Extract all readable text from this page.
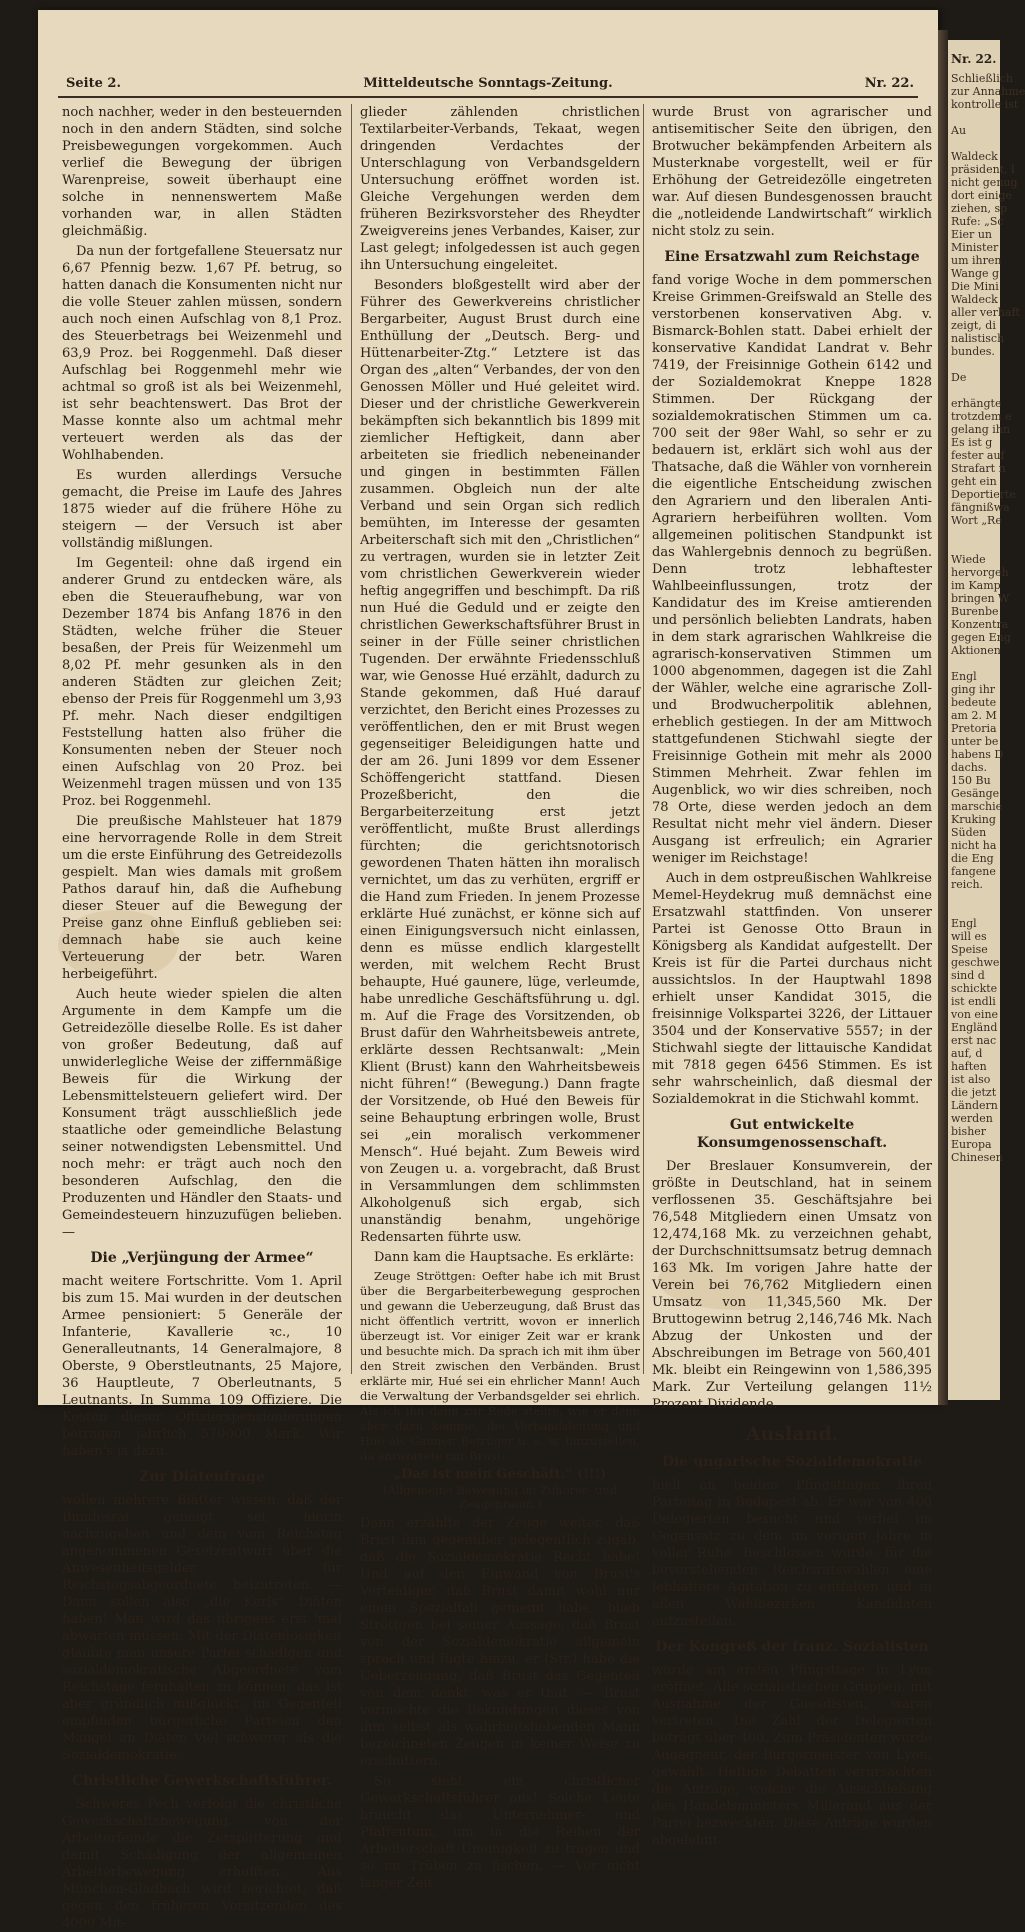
Nr. 22.
Schließlich
zur Annahme
kontrolle ist

Au

Waldeck
präsident, l
nicht genug
dort einige
ziehen, sp
Rufe: „Sc
Eier un
Minister
um ihren
Wange g
Die Mini
Waldeck
aller verhaft
zeigt, di
nalistisch
bundes.

De

erhängte
trotzdem e
gelang ihn
Es ist g
fester auf
Strafart n
geht ein
Deportierte
fängnißwa
Wort „Re

Wiede
hervorgeh
im Kamp
bringen W
Burenbe
Konzentra
gegen Eng
Aktionen

Engl
ging ihr
bedeute
am 2. M
Pretoria
unter be
habens D
dachs.
150 Bu
Gesänge
marschie
Kruking
Süden
nicht ha
die Eng
fangene
reich.

Engl
will es
Speise
geschwe
sind d
schickte
ist endli
von eine
Engländ
erst nac
auf, d
haften
ist also
die jetzt
Ländern
werden
bisher
Europa
Chinesen
Seite 2.	Mitteldeutsche Sonntags-Zeitung.	Nr. 22.

noch nachher, weder in den besteuernden noch in den andern Städten, sind solche Preisbewegungen vorgekommen. Auch verlief die Bewegung der übrigen Warenpreise, soweit überhaupt eine solche in nennenswertem Maße vorhanden war, in allen Städten gleichmäßig.

Da nun der fortgefallene Steuersatz nur 6,67 Pfennig bezw. 1,67 Pf. betrug, so hatten danach die Konsumenten nicht nur die volle Steuer zahlen müssen, sondern auch noch einen Aufschlag von 8,1 Proz. des Steuerbetrags bei Weizenmehl und 63,9 Proz. bei Roggenmehl. Daß dieser Aufschlag bei Roggenmehl mehr wie achtmal so groß ist als bei Weizenmehl, ist sehr beachtenswert. Das Brot der Masse konnte also um achtmal mehr verteuert werden als das der Wohlhabenden.

Es wurden allerdings Versuche gemacht, die Preise im Laufe des Jahres 1875 wieder auf die frühere Höhe zu steigern — der Versuch ist aber vollständig mißlungen.

Im Gegenteil: ohne daß irgend ein anderer Grund zu entdecken wäre, als eben die Steueraufhebung, war von Dezember 1874 bis Anfang 1876 in den Städten, welche früher die Steuer besaßen, der Preis für Weizenmehl um 8,02 Pf. mehr gesunken als in den anderen Städten zur gleichen Zeit; ebenso der Preis für Roggenmehl um 3,93 Pf. mehr. Nach dieser endgiltigen Feststellung hatten also früher die Konsumenten neben der Steuer noch einen Aufschlag von 20 Proz. bei Weizenmehl tragen müssen und von 135 Proz. bei Roggenmehl.

Die preußische Mahlsteuer hat 1879 eine hervorragende Rolle in dem Streit um die erste Einführung des Getreidezolls gespielt. Man wies damals mit großem Pathos darauf hin, daß die Aufhebung dieser Steuer auf die Bewegung der Preise ganz ohne Einfluß geblieben sei: demnach habe sie auch keine Verteuerung der betr. Waren herbeigeführt.

Auch heute wieder spielen die alten Argumente in dem Kampfe um die Getreidezölle dieselbe Rolle. Es ist daher von großer Bedeutung, daß auf unwiderlegliche Weise der ziffernmäßige Beweis für die Wirkung der Lebensmittelsteuern geliefert wird. Der Konsument trägt ausschließlich jede staatliche oder gemeindliche Belastung seiner notwendigsten Lebensmittel. Und noch mehr: er trägt auch noch den besonderen Aufschlag, den die Produzenten und Händler den Staats- und Gemeindesteuern hinzuzufügen belieben. —

Die „Verjüngung der Armee“

macht weitere Fortschritte. Vom 1. April bis zum 15. Mai wurden in der deutschen Armee pensioniert: 5 Generäle der Infanterie, Kavallerie ꝛc., 10 Generalleutnants, 14 Generalmajore, 8 Oberste, 9 Oberstleutnants, 25 Majore, 36 Hauptleute, 7 Oberleutnants, 5 Leutnants. In Summa 109 Offiziere. Die Kosten dieser Offizierspensionierungen betragen jährlich 570000 Mark. Wir haben's ja dazu.

Zur Diätenfrage

wollen mehrere Blätter wissen, daß der Bundesrat geneigt sei, hierin nachzugeben und dem vom Reichstag angenommenen Gesetzentwurf über die Anwesenheitsgelder für Reichstagsabgeordnete beizutreten. — Dann sollen also „die Kerls“ Diäten haben! Man wird das übrigens erst 'mal abwarten müssen. Mit der Diätenlosigkeit glaubte man unsere Partei schädigen und sozialdemokratische Abgeordnete vom Reichstage fernhalten zu können; das ist aber gründlich mißglückt. Im Gegenteil empfinden bürgerliche Parteien den Mangel an Diäten viel schwerer als die Sozialdemokratie.

Christliche Gewerkschaftsführer.

Schweres Pech verfolgt die christliche Gewerkschaftsbewegung, von der Arbeiterfeinde die Zersplitterung und damit Schädigung der allgemeinen Arbeiterbewegung erhofften. Aus München-Gladbach wird berichtet, daß gegen den früheren Vorsitzenden des 4000 Mit-

glieder zählenden christlichen Textilarbeiter-Verbands, Tekaat, wegen dringenden Verdachtes der Unterschlagung von Verbandsgeldern Untersuchung eröffnet worden ist. Gleiche Vergehungen werden dem früheren Bezirksvorsteher des Rheydter Zweigvereins jenes Verbandes, Kaiser, zur Last gelegt; infolgedessen ist auch gegen ihn Untersuchung eingeleitet.

Besonders bloßgestellt wird aber der Führer des Gewerkvereins christlicher Bergarbeiter, August Brust durch eine Enthüllung der „Deutsch. Berg- und Hüttenarbeiter-Ztg.“ Letztere ist das Organ des „alten“ Verbandes, der von den Genossen Möller und Hué geleitet wird. Dieser und der christliche Gewerkverein bekämpften sich bekanntlich bis 1899 mit ziemlicher Heftigkeit, dann aber arbeiteten sie friedlich nebeneinander und gingen in bestimmten Fällen zusammen. Obgleich nun der alte Verband und sein Organ sich redlich bemühten, im Interesse der gesamten Arbeiterschaft sich mit den „Christlichen“ zu vertragen, wurden sie in letzter Zeit vom christlichen Gewerkverein wieder heftig angegriffen und beschimpft. Da riß nun Hué die Geduld und er zeigte den christlichen Gewerkschaftsführer Brust in seiner in der Fülle seiner christlichen Tugenden. Der erwähnte Friedensschluß war, wie Genosse Hué erzählt, dadurch zu Stande gekommen, daß Hué darauf verzichtet, den Bericht eines Prozesses zu veröffentlichen, den er mit Brust wegen gegenseitiger Beleidigungen hatte und der am 26. Juni 1899 vor dem Essener Schöffengericht stattfand. Diesen Prozeßbericht, den die Bergarbeiterzeitung erst jetzt veröffentlicht, mußte Brust allerdings fürchten; die gerichtsnotorisch gewordenen Thaten hätten ihn moralisch vernichtet, um das zu verhüten, ergriff er die Hand zum Frieden. In jenem Prozesse erklärte Hué zunächst, er könne sich auf einen Einigungsversuch nicht einlassen, denn es müsse endlich klargestellt werden, mit welchem Recht Brust behaupte, Hué gaunere, lüge, verleumde, habe unredliche Geschäftsführung u. dgl. m. Auf die Frage des Vorsitzenden, ob Brust dafür den Wahrheitsbeweis antrete, erklärte dessen Rechtsanwalt: „Mein Klient (Brust) kann den Wahrheitsbeweis nicht führen!“ (Bewegung.) Dann fragte der Vorsitzende, ob Hué den Beweis für seine Behauptung erbringen wolle, Brust sei „ein moralisch verkommener Mensch“. Hué bejaht. Zum Beweis wird von Zeugen u. a. vorgebracht, daß Brust in Versammlungen dem schlimmsten Alkoholgenuß sich ergab, sich unanständig benahm, ungehörige Redensarten führte usw.

Dann kam die Hauptsache. Es erklärte:

Zeuge Ströttgen: Oefter habe ich mit Brust über die Bergarbeiterbewegung gesprochen und gewann die Ueberzeugung, daß Brust das nicht öffentlich vertritt, wovon er innerlich überzeugt ist. Vor einiger Zeit war er krank und besuchte mich. Da sprach ich mit ihm über den Streit zwischen den Verbänden. Brust erklärte mir, Hué sei ein ehrlicher Mann! Auch die Verwaltung der Verbandsgelder sei ehrlich. Als ich ihn dann zur Rede stellte, wie er denn aber dazu komme, die Verbandsleitung und Hué als Gauner, Betrüger u. s. w. hinzustellen, da antwortete mir Brust:

„Das ist mein Geschäft.“ (!!!)
(Allgemeine Bewegung im Zuhörer- und Zeugenraum.)

Dann erzählte der Zeuge weiter, daß Brust ihm gegenüber gelegentlich zugab, daß die Sozialdemokratie Recht habe! Und auf den Einwand von Brust's Verteidiger, daß Brust damit wohl nur einen Spezialfall gemeint habe, blieb Ströttgen bei seiner Aussage, daß Brust von der Sozialdemokratie allgemein sprach und fügte hinzu, er (Str.) habe die Ueberzeugung, daß Brust das Gegenteil von dem denkt, was er thut. — Brust vermochte die Bekundungen dieses von ihm selbst als wahrheitsliebenden Mann bezeichneten Zeugen in keiner Weise zu erschüttern.

So sieht ein christlicher Gewerkschaftsführer aus! Solche Leute braucht das Unternehmer- und Pfaffentum, um in die Reihen der Arbeiterschaft Uneinigkeit zu tragen und so im Trüben zu fischen. — Vor nicht langer Zeit

wurde Brust von agrarischer und antisemitischer Seite den übrigen, den Brotwucher bekämpfenden Arbeitern als Musterknabe vorgestellt, weil er für Erhöhung der Getreidezölle eingetreten war. Auf diesen Bundesgenossen braucht die „notleidende Landwirtschaft“ wirklich nicht stolz zu sein.

Eine Ersatzwahl zum Reichstage

fand vorige Woche in dem pommerschen Kreise Grimmen-Greifswald an Stelle des verstorbenen konservativen Abg. v. Bismarck-Bohlen statt. Dabei erhielt der konservative Kandidat Landrat v. Behr 7419, der Freisinnige Gothein 6142 und der Sozialdemokrat Kneppe 1828 Stimmen. Der Rückgang der sozialdemokratischen Stimmen um ca. 700 seit der 98er Wahl, so sehr er zu bedauern ist, erklärt sich wohl aus der Thatsache, daß die Wähler von vornherein die eigentliche Entscheidung zwischen den Agrariern und den liberalen Anti-Agrariern herbeiführen wollten. Vom allgemeinen politischen Standpunkt ist das Wahlergebnis dennoch zu begrüßen. Denn trotz lebhaftester Wahlbeeinflussungen, trotz der Kandidatur des im Kreise amtierenden und persönlich beliebten Landrats, haben in dem stark agrarischen Wahlkreise die agrarisch-konservativen Stimmen um 1000 abgenommen, dagegen ist die Zahl der Wähler, welche eine agrarische Zoll- und Brodwucherpolitik ablehnen, erheblich gestiegen. In der am Mittwoch stattgefundenen Stichwahl siegte der Freisinnige Gothein mit mehr als 2000 Stimmen Mehrheit. Zwar fehlen im Augenblick, wo wir dies schreiben, noch 78 Orte, diese werden jedoch an dem Resultat nicht mehr viel ändern. Dieser Ausgang ist erfreulich; ein Agrarier weniger im Reichstage!

Auch in dem ostpreußischen Wahlkreise Memel-Heydekrug muß demnächst eine Ersatzwahl stattfinden. Von unserer Partei ist Genosse Otto Braun in Königsberg als Kandidat aufgestellt. Der Kreis ist für die Partei durchaus nicht aussichtslos. In der Hauptwahl 1898 erhielt unser Kandidat 3015, die freisinnige Volkspartei 3226, der Littauer 3504 und der Konservative 5557; in der Stichwahl siegte der littauische Kandidat mit 7818 gegen 6456 Stimmen. Es ist sehr wahrscheinlich, daß diesmal der Sozialdemokrat in die Stichwahl kommt.

Gut entwickelte Konsumgenossenschaft.

Der Breslauer Konsumverein, der größte in Deutschland, hat in seinem verflossenen 35. Geschäftsjahre bei 76,548 Mitgliedern einen Umsatz von 12,474,168 Mk. zu verzeichnen gehabt, der Durchschnittsumsatz betrug demnach 163 Mk. Im vorigen Jahre hatte der Verein bei 76,762 Mitgliedern einen Umsatz von 11,345,560 Mk. Der Bruttogewinn betrug 2,146,746 Mk. Nach Abzug der Unkosten und der Abschreibungen im Betrage von 560,401 Mk. bleibt ein Reingewinn von 1,586,395 Mark. Zur Verteilung gelangen 11½ Prozent Dividende.

Ausland.
Die ungarische Sozialdemokratie

hielt an beiden Pfingsttagen ihren Parteitag in Budapest ab. Er war von 400 Delegierten besucht und verlief im Gegensatz zu dem im vorigen Jahre in voller Ruhe. Beschlossen wurde, für die bevorstehenden Reichsratswahlen eine lebhaftere Agitation zu entfalten und in allen Wahlbezirken Kandidaten aufzustellen.

Der Kongreß der franz. Sozialisten

wurde am ersten Pfingsttage in Lyon eröffnet. Alle sozialistischen Gruppen, mit Ausnahme der Guesdisten, waren vertreten. Die Zahl der Delegierten beträgt über 400. Zum Präsidenten wurde Augagneur, der Bürgermeister von Lyon, gewählt. Heftige Debatten verursachten die Anträge, welche die Ausschließung des Handelsministers Millerand aus der Partei bezweckten. Diese Anträge wurden abgelehnt.
